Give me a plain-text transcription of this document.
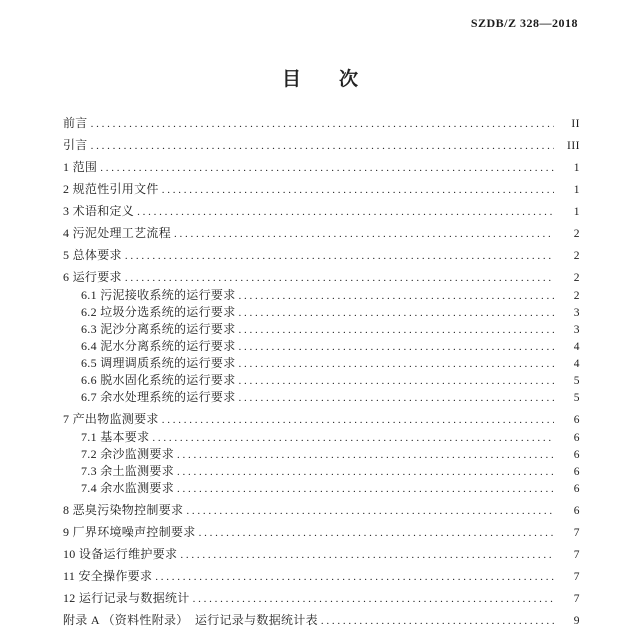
SZDB/Z 328—2018
目　　次
前言 . . .	II
引言 . . .	III
1 范围 . . .	1
2 规范性引用文件 . . .	1
3 术语和定义 . . .	1
4 污泥处理工艺流程 . . .	2
5 总体要求 . . .	2
6 运行要求 . . .	2
6.1 污泥接收系统的运行要求 . . .	2
6.2 垃圾分选系统的运行要求 . . .	3
6.3 泥沙分离系统的运行要求 . . .	3
6.4 泥水分离系统的运行要求 . . .	4
6.5 调理调质系统的运行要求 . . .	4
6.6 脱水固化系统的运行要求 . . .	5
6.7 余水处理系统的运行要求 . . .	5
7 产出物监测要求 . . .	6
7.1 基本要求 . . .	6
7.2 余沙监测要求 . . .	6
7.3 余土监测要求 . . .	6
7.4 余水监测要求 . . .	6
8 恶臭污染物控制要求 . . .	6
9 厂界环境噪声控制要求 . . .	7
10 设备运行维护要求 . . .	7
11 安全操作要求 . . .	7
12 运行记录与数据统计 . . .	7
附录 A （资料性附录）　运行记录与数据统计表 . . .	9
